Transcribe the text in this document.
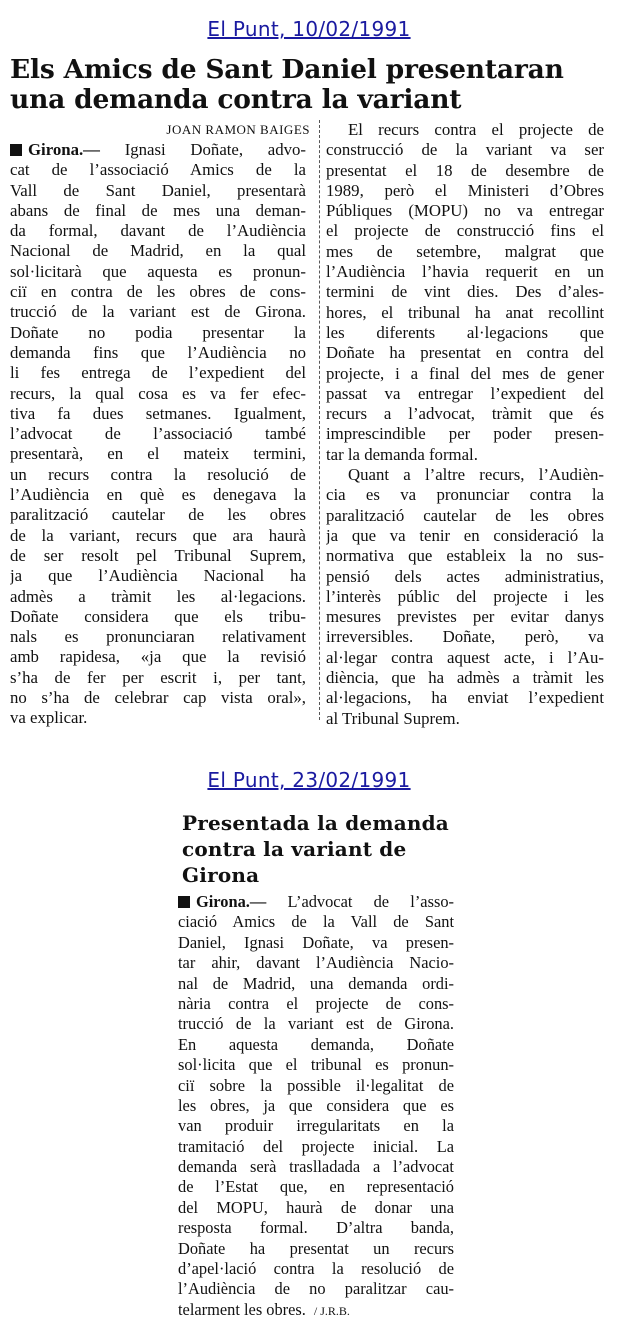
El Punt, 10/02/1991
Els Amics de Sant Daniel presentaran
una demanda contra la variant
JOAN RAMON BAIGES
Girona.— Ignasi Doñate, advo-
cat de l’associació Amics de la
Vall de Sant Daniel, presentarà
abans de final de mes una deman-
da formal, davant de l’Audiència
Nacional de Madrid, en la qual
sol·licitarà que aquesta es pronun-
ciï en contra de les obres de cons-
trucció de la variant est de Girona.
Doñate no podia presentar la
demanda fins que l’Audiència no
li fes entrega de l’expedient del
recurs, la qual cosa es va fer efec-
tiva fa dues setmanes. Igualment,
l’advocat de l’associació també
presentarà, en el mateix termini,
un recurs contra la resolució de
l’Audiència en què es denegava la
paralització cautelar de les obres
de la variant, recurs que ara haurà
de ser resolt pel Tribunal Suprem,
ja que l’Audiència Nacional ha
admès a tràmit les al·legacions.
Doñate considera que els tribu-
nals es pronunciaran relativament
amb rapidesa, «ja que la revisió
s’ha de fer per escrit i, per tant,
no s’ha de celebrar cap vista oral»,
va explicar.
El recurs contra el projecte de
construcció de la variant va ser
presentat el 18 de desembre de
1989, però el Ministeri d’Obres
Públiques (MOPU) no va entregar
el projecte de construcció fins el
mes de setembre, malgrat que
l’Audiència l’havia requerit en un
termini de vint dies. Des d’ales-
hores, el tribunal ha anat recollint
les diferents al·legacions que
Doñate ha presentat en contra del
projecte, i a final del mes de gener
passat va entregar l’expedient del
recurs a l’advocat, tràmit que és
imprescindible per poder presen-
tar la demanda formal.
Quant a l’altre recurs, l’Audièn-
cia es va pronunciar contra la
paralització cautelar de les obres
ja que va tenir en consideració la
normativa que estableix la no sus-
pensió dels actes administratius,
l’interès públic del projecte i les
mesures previstes per evitar danys
irreversibles. Doñate, però, va
al·legar contra aquest acte, i l’Au-
diència, que ha admès a tràmit les
al·legacions, ha enviat l’expedient
al Tribunal Suprem.
El Punt, 23/02/1991
Presentada la demanda
contra la variant de
Girona
Girona.— L’advocat de l’asso-
ciació Amics de la Vall de Sant
Daniel, Ignasi Doñate, va presen-
tar ahir, davant l’Audiència Nacio-
nal de Madrid, una demanda ordi-
nària contra el projecte de cons-
trucció de la variant est de Girona.
En aquesta demanda, Doñate
sol·licita que el tribunal es pronun-
ciï sobre la possible il·legalitat de
les obres, ja que considera que es
van produir irregularitats en la
tramitació del projecte inicial. La
demanda serà traslladada a l’advocat
de l’Estat que, en representació
del MOPU, haurà de donar una
resposta formal. D’altra banda,
Doñate ha presentat un recurs
d’apel·lació contra la resolució de
l’Audiència de no paralitzar cau-
telarment les obres. / J.R.B.
